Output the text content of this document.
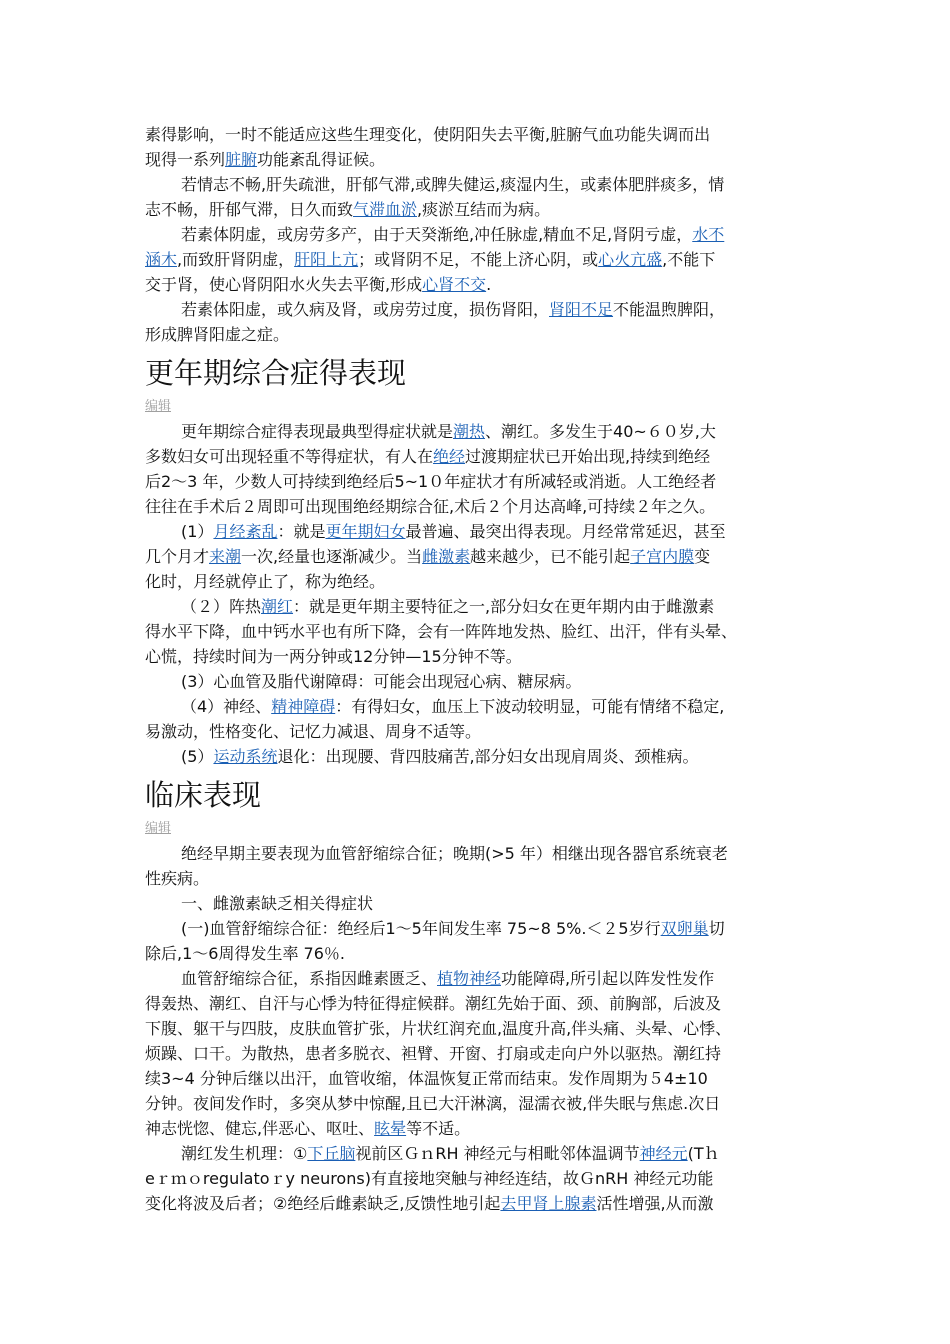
素得影响，一时不能适应这些生理变化，使阴阳失去平衡,脏腑气血功能失调而出
现得一系列脏腑功能紊乱得证候。

若情志不畅,肝失疏泄，肝郁气滞,或脾失健运,痰湿内生，或素体肥胖痰多，情
志不畅，肝郁气滞，日久而致气滞血淤,痰淤互结而为病。

若素体阴虚，或房劳多产，由于天癸渐绝,冲任脉虚,精血不足,肾阴亏虚，水不
涵木,而致肝肾阴虚，肝阳上亢；或肾阴不足，不能上济心阴，或心火亢盛,不能下
交于肾，使心肾阴阳水火失去平衡,形成心肾不交.

若素体阳虚，或久病及肾，或房劳过度，损伤肾阳，肾阳不足不能温煦脾阳，
形成脾肾阳虚之症。

更年期综合症得表现
编辑

更年期综合症得表现最典型得症状就是潮热、潮红。多发生于40~６０岁,大
多数妇女可出现轻重不等得症状，有人在绝经过渡期症状已开始出现,持续到绝经
后2～3 年，少数人可持续到绝经后5~1０年症状才有所减轻或消逝。人工绝经者
往往在手术后２周即可出现围绝经期综合征,术后２个月达高峰,可持续２年之久。

(1）月经紊乱：就是更年期妇女最普遍、最突出得表现。月经常常延迟，甚至
几个月才来潮一次,经量也逐渐减少。当雌激素越来越少，已不能引起子宫内膜变
化时，月经就停止了，称为绝经。

（２）阵热潮红：就是更年期主要特征之一,部分妇女在更年期内由于雌激素
得水平下降，血中钙水平也有所下降，会有一阵阵地发热、脸红、出汗，伴有头晕、
心慌，持续时间为一两分钟或12分钟—15分钟不等。

(3）心血管及脂代谢障碍：可能会出现冠心病、糖尿病。

（4）神经、精神障碍：有得妇女，血压上下波动较明显，可能有情绪不稳定,
易激动，性格变化、记忆力减退、周身不适等。

(5）运动系统退化：出现腰、背四肢痛苦,部分妇女出现肩周炎、颈椎病。

临床表现
编辑

绝经早期主要表现为血管舒缩综合征；晚期(>5 年）相继出现各器官系统衰老
性疾病。

一、雌激素缺乏相关得症状

(一)血管舒缩综合征：绝经后1～5年间发生率 75~8 5%.＜２5岁行双卵巢切
除后,1～6周得发生率 76％.

血管舒缩综合征，系指因雌素匮乏、植物神经功能障碍,所引起以阵发性发作
得轰热、潮红、自汗与心悸为特征得症候群。潮红先始于面、颈、前胸部，后波及
下腹、躯干与四肢，皮肤血管扩张，片状红润充血,温度升高,伴头痛、头晕、心悸、
烦躁、口干。为散热，患者多脱衣、袒臂、开窗、打扇或走向户外以驱热。潮红持
续3~4 分钟后继以出汗，血管收缩，体温恢复正常而结束。发作周期为５4±10
分钟。夜间发作时，多突从梦中惊醒,且已大汗淋漓，湿濡衣被,伴失眠与焦虑.次日
神志恍惚、健忘,伴恶心、呕吐、眩晕等不适。

潮红发生机理：①下丘脑视前区ＧｎRH 神经元与相毗邻体温调节神经元(Tｈ
eｒｍｏregulatoｒy neurons)有直接地突触与神经连结，故ＧnRH 神经元功能
变化将波及后者；②绝经后雌素缺乏,反馈性地引起去甲肾上腺素活性增强,从而激
